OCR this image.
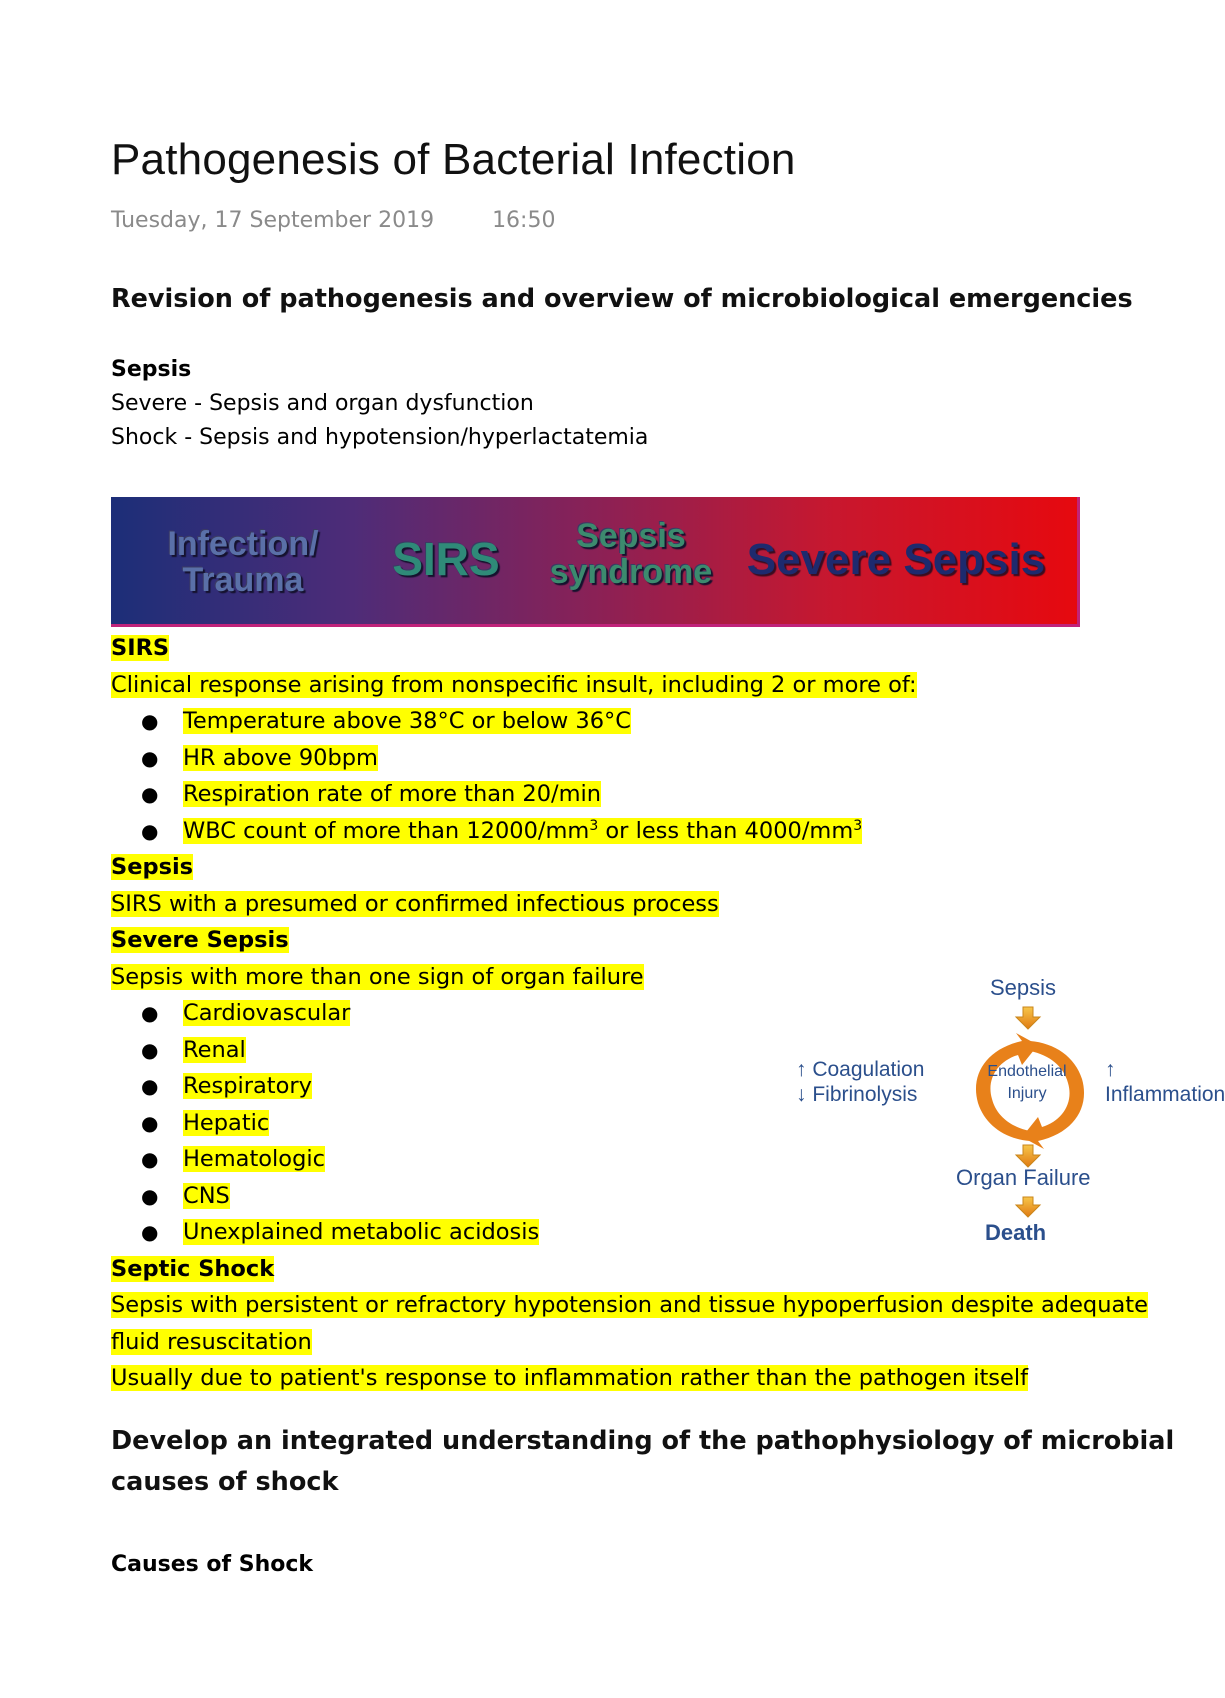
Pathogenesis of Bacterial Infection
Tuesday, 17 September 2019	16:50
Revision of pathogenesis and overview of microbiological emergencies
Sepsis
Severe - Sepsis and organ dysfunction
Shock - Sepsis and hypotension/hyperlactatemia
Infection/
Trauma	SIRS	Sepsis
syndrome Severe Sepsis
SIRS
Clinical response arising from nonspecific insult, including 2 or more of:
● Temperature above 38°C or below 36°C
● HR above 90bpm
● Respiration rate of more than 20/min
● WBC count of more than $12000/mm^3$ or less than $4000/mm^3$
Sepsis
SIRS with a presumed or confirmed infectious process
Severe Sepsis
Sepsis with more than one sign of organ failure
● Cardiovascular
● Renal
● Respiratory
● Hepatic
● Hematologic
● CNS
● Unexplained metabolic acidosis
Septic Shock
Sepsis with persistent or refractory hypotension and tissue hypoperfusion despite adequate
fluid resuscitation
Usually due to patient's response to inflammation rather than the pathogen itself
Sepsis
↑ Coagulation
↓ Fibrinolysis
Endothelial
Injury
↑
Inflammation
Organ Failure
Death
Develop an integrated understanding of the pathophysiology of microbial causes of shock
Causes of Shock
